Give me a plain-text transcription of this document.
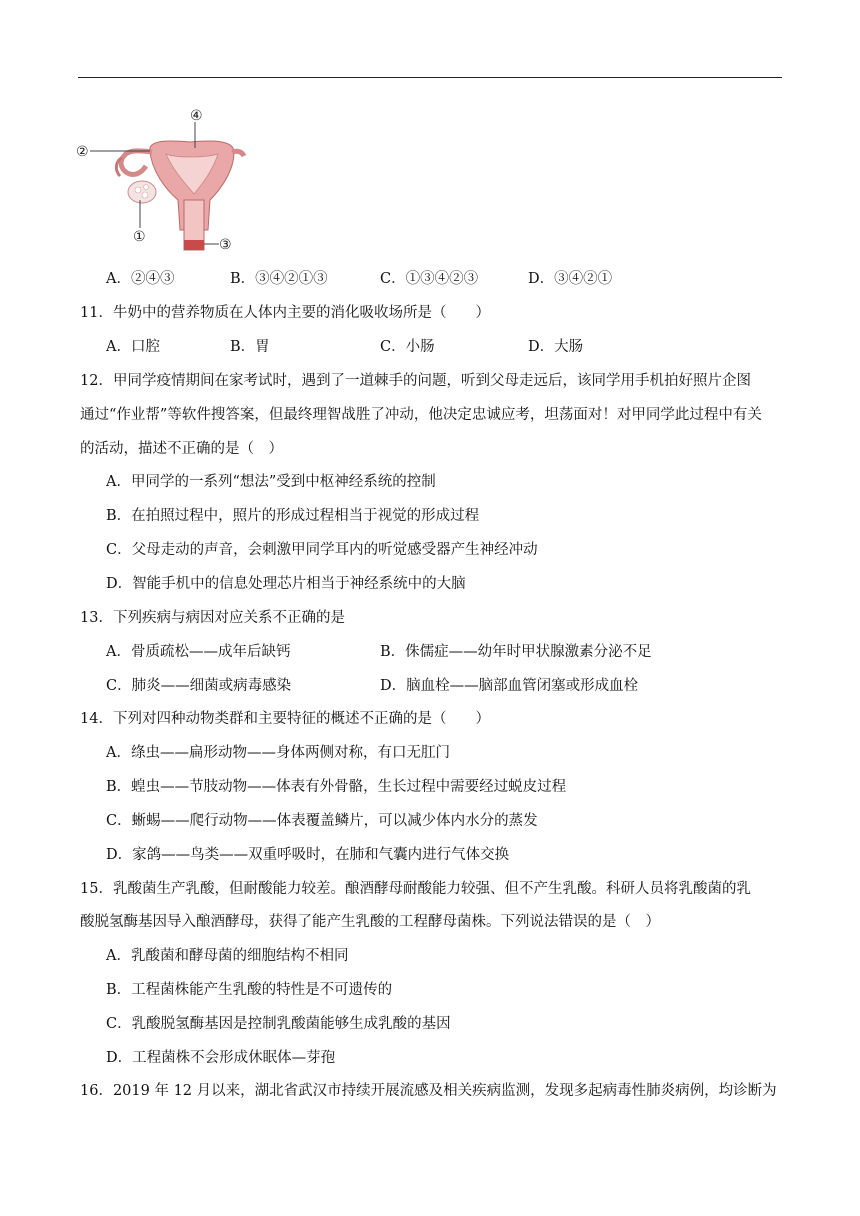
④
②
①	③
A．②④③	B．③④②①③	C．①③④②③	D．③④②①
11．牛奶中的营养物质在人体内主要的消化吸收场所是（　　）
A．口腔	B．胃	C．小肠	D．大肠
12．甲同学疫情期间在家考试时，遇到了一道棘手的问题，听到父母走远后，该同学用手机拍好照片企图
通过“作业帮”等软件搜答案，但最终理智战胜了冲动，他决定忠诚应考，坦荡面对！对甲同学此过程中有关
的活动，描述不正确的是（　）
A．甲同学的一系列“想法”受到中枢神经系统的控制
B．在拍照过程中，照片的形成过程相当于视觉的形成过程
C．父母走动的声音，会刺激甲同学耳内的听觉感受器产生神经冲动
D．智能手机中的信息处理芯片相当于神经系统中的大脑
13．下列疾病与病因对应关系不正确的是
A．骨质疏松——成年后缺钙	B．侏儒症——幼年时甲状腺激素分泌不足
C．肺炎——细菌或病毒感染	D．脑血栓——脑部血管闭塞或形成血栓
14．下列对四种动物类群和主要特征的概述不正确的是（　　）
A．绦虫——扁形动物——身体两侧对称，有口无肛门
B．蝗虫——节肢动物——体表有外骨骼，生长过程中需要经过蜕皮过程
C．蜥蜴——爬行动物——体表覆盖鳞片，可以减少体内水分的蒸发
D．家鸽——鸟类——双重呼吸时，在肺和气囊内进行气体交换
15．乳酸菌生产乳酸，但耐酸能力较差。酿酒酵母耐酸能力较强、但不产生乳酸。科研人员将乳酸菌的乳
酸脱氢酶基因导入酿酒酵母，获得了能产生乳酸的工程酵母菌株。下列说法错误的是（　）
A．乳酸菌和酵母菌的细胞结构不相同
B．工程菌株能产生乳酸的特性是不可遗传的
C．乳酸脱氢酶基因是控制乳酸菌能够生成乳酸的基因
D．工程菌株不会形成休眠体—芽孢
16．2019 年 12 月以来，湖北省武汉市持续开展流感及相关疾病监测，发现多起病毒性肺炎病例，均诊断为
